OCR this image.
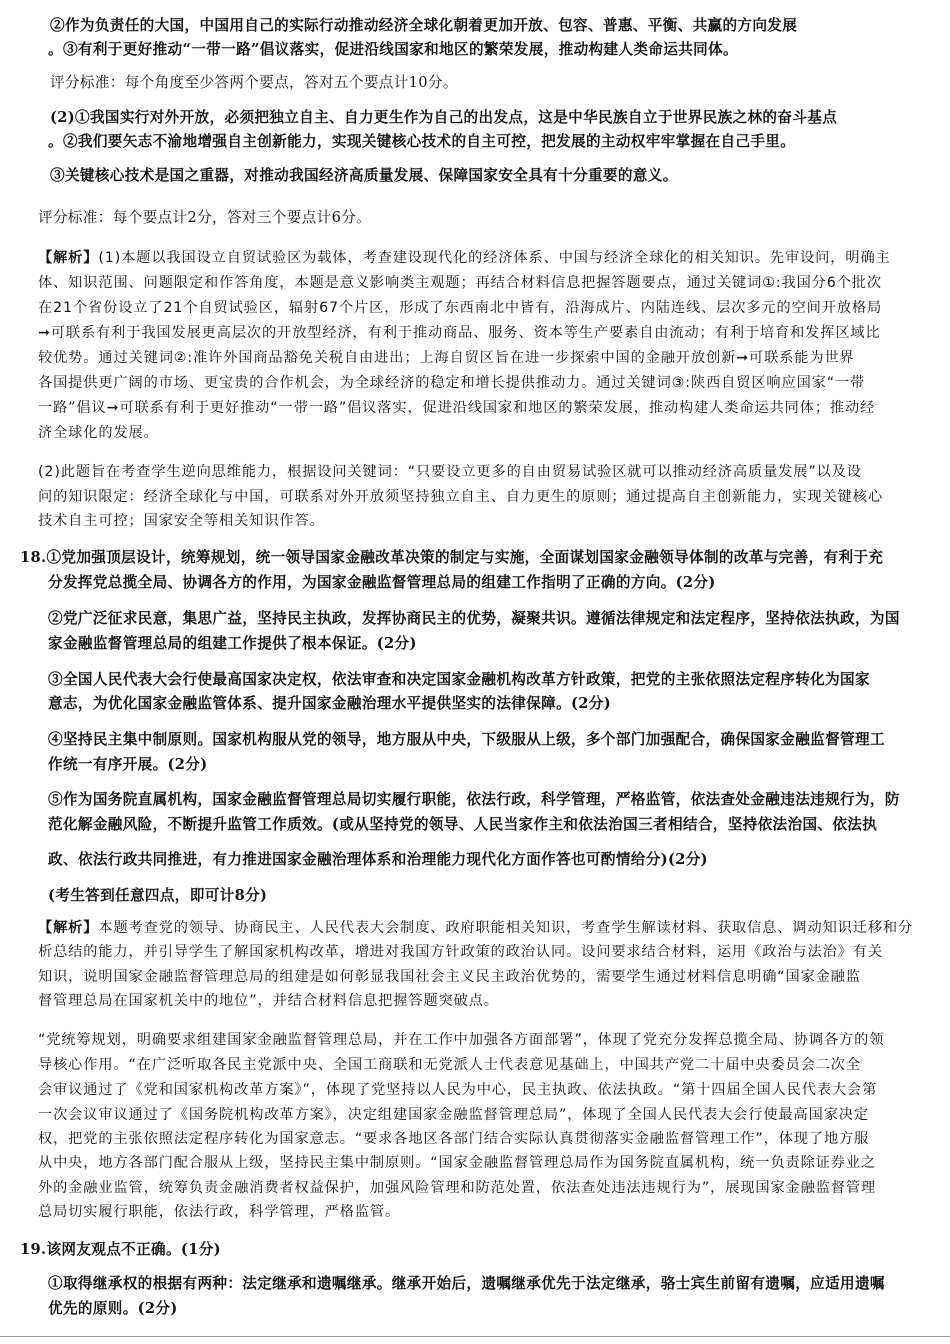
②作为负责任的大国，中国用自己的实际行动推动经济全球化朝着更加开放、包容、普惠、平衡、共赢的方向发展
。③有利于更好推动“一带一路”倡议落实，促进沿线国家和地区的繁荣发展，推动构建人类命运共同体。
评分标准：每个角度至少答两个要点，答对五个要点计10分。
(2)①我国实行对外开放，必须把独立自主、自力更生作为自己的出发点，这是中华民族自立于世界民族之林的奋斗基点
。②我们要矢志不渝地增强自主创新能力，实现关键核心技术的自主可控，把发展的主动权牢牢掌握在自己手里。
③关键核心技术是国之重器，对推动我国经济高质量发展、保障国家安全具有十分重要的意义。
评分标准：每个要点计2分，答对三个要点计6分。
【解析】(1)本题以我国设立自贸试验区为载体，考查建设现代化的经济体系、中国与经济全球化的相关知识。先审设问，明确主
体、知识范围、问题限定和作答角度，本题是意义影响类主观题；再结合材料信息把握答题要点，通过关键词①:我国分6个批次
在21个省份设立了21个自贸试验区，辐射67个片区，形成了东西南北中皆有，沿海成片、内陆连线、层次多元的空间开放格局
➞可联系有利于我国发展更高层次的开放型经济，有利于推动商品、服务、资本等生产要素自由流动；有利于培育和发挥区域比
较优势。通过关键词②:准许外国商品豁免关税自由进出；上海自贸区旨在进一步探索中国的金融开放创新➞可联系能为世界
各国提供更广阔的市场、更宝贵的合作机会，为全球经济的稳定和增长提供推动力。通过关键词③:陕西自贸区响应国家“一带
一路”倡议➞可联系有利于更好推动“一带一路”倡议落实，促进沿线国家和地区的繁荣发展，推动构建人类命运共同体；推动经
济全球化的发展。
(2)此题旨在考查学生逆向思维能力，根据设问关键词：“只要设立更多的自由贸易试验区就可以推动经济高质量发展”以及设
问的知识限定：经济全球化与中国，可联系对外开放须坚持独立自主、自力更生的原则；通过提高自主创新能力，实现关键核心
技术自主可控；国家安全等相关知识作答。
18.①党加强顶层设计，统筹规划，统一领导国家金融改革决策的制定与实施，全面谋划国家金融领导体制的改革与完善，有利于充
分发挥党总揽全局、协调各方的作用，为国家金融监督管理总局的组建工作指明了正确的方向。(2分)
②党广泛征求民意，集思广益，坚持民主执政，发挥协商民主的优势，凝聚共识。遵循法律规定和法定程序，坚持依法执政，为国
家金融监督管理总局的组建工作提供了根本保证。(2分)
③全国人民代表大会行使最高国家决定权，依法审查和决定国家金融机构改革方针政策，把党的主张依照法定程序转化为国家
意志，为优化国家金融监管体系、提升国家金融治理水平提供坚实的法律保障。(2分)
④坚持民主集中制原则。国家机构服从党的领导，地方服从中央，下级服从上级，多个部门加强配合，确保国家金融监督管理工
作统一有序开展。(2分)
⑤作为国务院直属机构，国家金融监督管理总局切实履行职能，依法行政，科学管理，严格监管，依法查处金融违法违规行为，防
范化解金融风险，不断提升监管工作质效。(或从坚持党的领导、人民当家作主和依法治国三者相结合，坚持依法治国、依法执
政、依法行政共同推进，有力推进国家金融治理体系和治理能力现代化方面作答也可酌情给分)(2分)
(考生答到任意四点，即可计8分)
【解析】本题考查党的领导、协商民主、人民代表大会制度、政府职能相关知识，考查学生解读材料、获取信息、调动知识迁移和分
析总结的能力，并引导学生了解国家机构改革，增进对我国方针政策的政治认同。设问要求结合材料，运用《政治与法治》有关
知识，说明国家金融监督管理总局的组建是如何彰显我国社会主义民主政治优势的，需要学生通过材料信息明确“国家金融监
督管理总局在国家机关中的地位”，并结合材料信息把握答题突破点。
“党统筹规划，明确要求组建国家金融监督管理总局，并在工作中加强各方面部署”，体现了党充分发挥总揽全局、协调各方的领
导核心作用。“在广泛听取各民主党派中央、全国工商联和无党派人士代表意见基础上，中国共产党二十届中央委员会二次全
会审议通过了《党和国家机构改革方案》”，体现了党坚持以人民为中心，民主执政、依法执政。“第十四届全国人民代表大会第
一次会议审议通过了《国务院机构改革方案》，决定组建国家金融监督管理总局”，体现了全国人民代表大会行使最高国家决定
权，把党的主张依照法定程序转化为国家意志。“要求各地区各部门结合实际认真贯彻落实金融监督管理工作”，体现了地方服
从中央，地方各部门配合服从上级，坚持民主集中制原则。“国家金融监督管理总局作为国务院直属机构，统一负责除证券业之
外的金融业监管，统筹负责金融消费者权益保护，加强风险管理和防范处置，依法查处违法违规行为”，展现国家金融监督管理
总局切实履行职能，依法行政，科学管理，严格监管。
19.该网友观点不正确。(1分)
①取得继承权的根据有两种：法定继承和遗嘱继承。继承开始后，遗嘱继承优先于法定继承，骆士宾生前留有遗嘱，应适用遗嘱
优先的原则。(2分)
